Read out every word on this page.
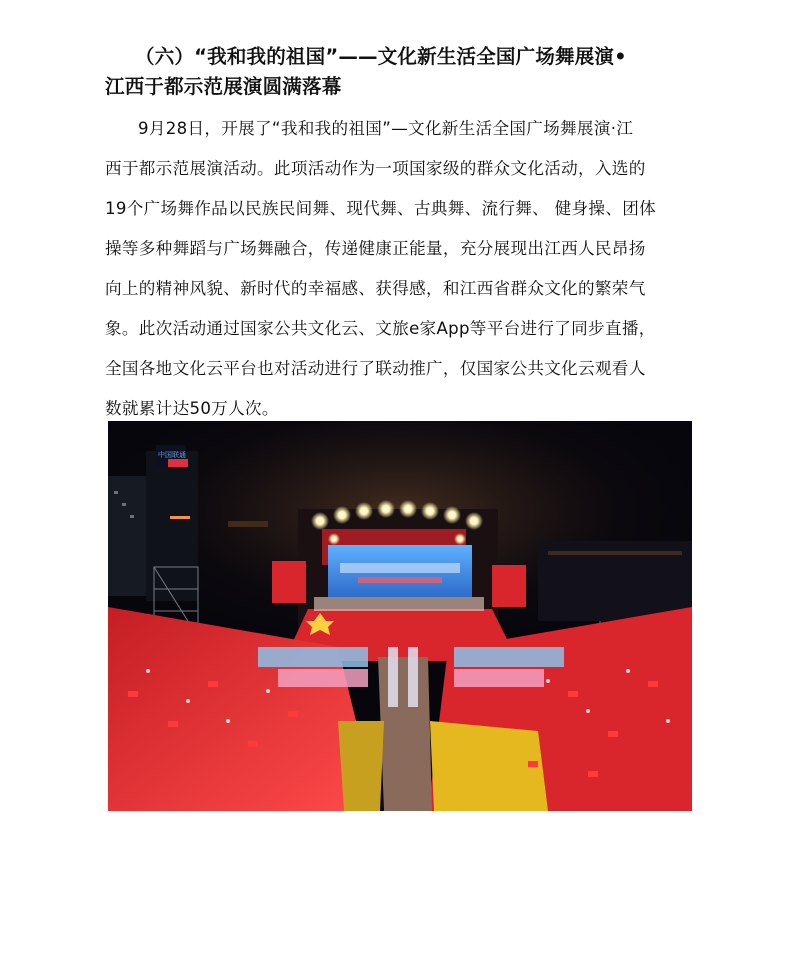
（六）“我和我的祖国”——文化新生活全国广场舞展演•
江西于都示范展演圆满落幕
9月28日，开展了“我和我的祖国”—文化新生活全国广场舞展演·江
西于都示范展演活动。此项活动作为一项国家级的群众文化活动，入选的
19个广场舞作品以民族民间舞、现代舞、古典舞、流行舞、 健身操、团体
操等多种舞蹈与广场舞融合，传递健康正能量，充分展现出江西人民昂扬
向上的精神风貌、新时代的幸福感、获得感，和江西省群众文化的繁荣气
象。此次活动通过国家公共文化云、文旅e家App等平台进行了同步直播，
全国各地文化云平台也对活动进行了联动推广，仅国家公共文化云观看人
数就累计达50万人次。
中国联通
